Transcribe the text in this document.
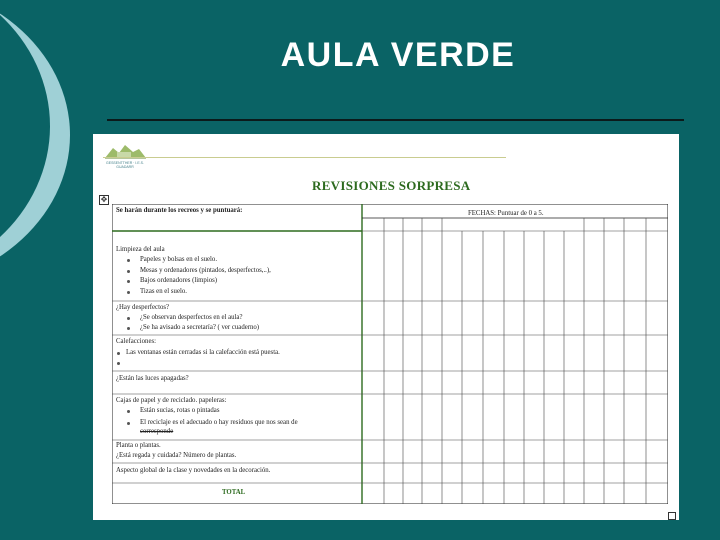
AULA VERDE
GESSENTTHER · I.E.S. GUADARR
REVISIONES SORPRESA
✥
Se harán durante los recreos y se puntuará:	FECHAS: Puntuar de 0 a 5.
Limpieza del aula
Papeles y bolsas en el suelo.
Mesas y ordenadores (pintados, desperfectos,..),
Bajos ordenadores (limpios)
Tizas en el suelo.
¿Hay desperfectos?
¿Se observan desperfectos en el aula?
¿Se ha avisado a secretaría? ( ver cuaderno)
Calefacciones:
Las ventanas están cerradas si la calefacción está puesta.
¿Están las luces apagadas?
Cajas de papel y de reciclado. papeleras:
Están sucias, rotas o pintadas
El reciclaje es el adecuado o hay residuos que nos sean de
corresponde
Planta o plantas.
¿Está regada y cuidada? Número de plantas.
Aspecto global de la clase y novedades en la decoración.
TOTAL
